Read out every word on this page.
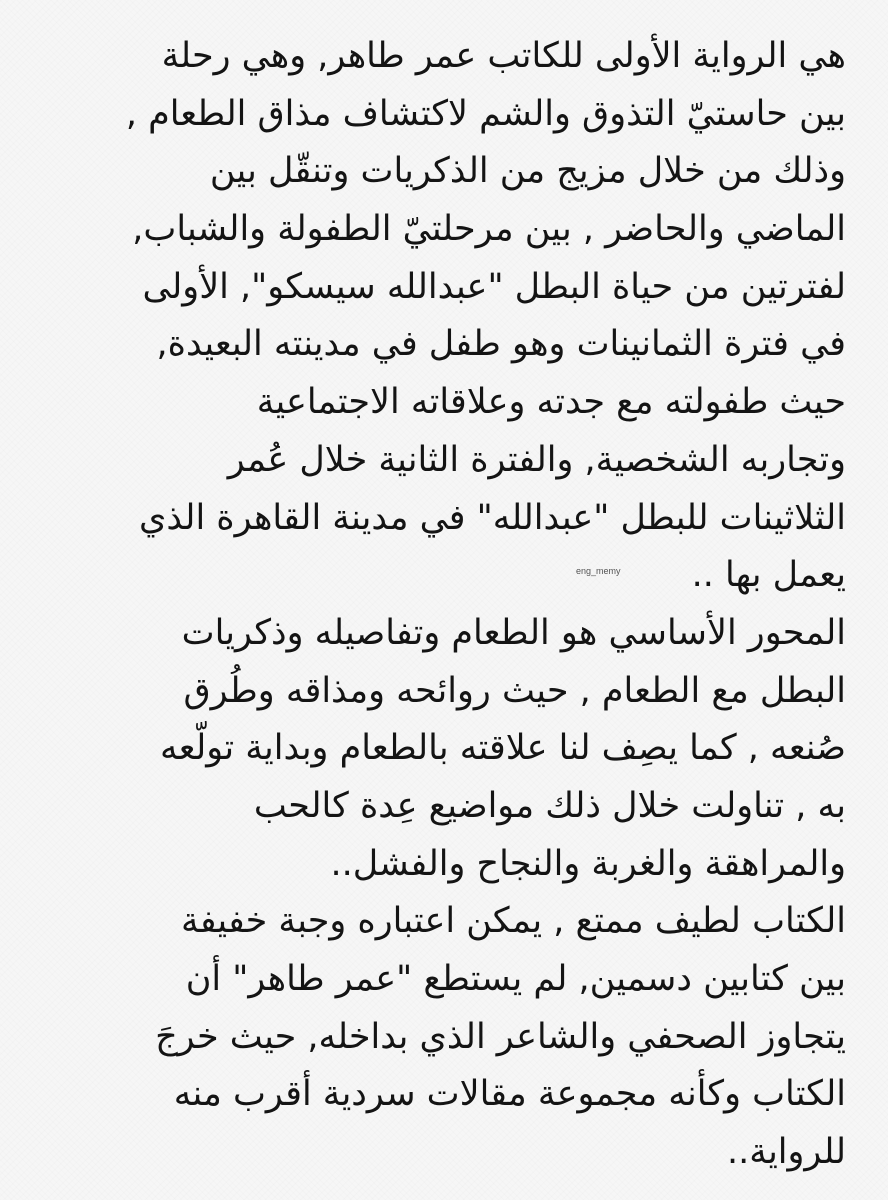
هي الرواية الأولى للكاتب عمر طاهر, وهي رحلة
بين حاستيّ التذوق والشم لاكتشاف مذاق الطعام ,
وذلك من خلال مزيج من الذكريات وتنقّل بين
الماضي والحاضر , بين مرحلتيّ الطفولة والشباب,
لفترتين من حياة البطل "عبدالله سيسكو", الأولى
في فترة الثمانينات وهو طفل في مدينته البعيدة,
حيث طفولته مع جدته وعلاقاته الاجتماعية
وتجاربه الشخصية, والفترة الثانية خلال عُمر
الثلاثينات للبطل "عبدالله" في مدينة القاهرة الذي
يعمل بها ..
المحور الأساسي هو الطعام وتفاصيله وذكريات
البطل مع الطعام , حيث روائحه ومذاقه وطُرق
صُنعه , كما يصِف لنا علاقته بالطعام وبداية تولّعه
به , تناولت خلال ذلك مواضيع عِدة كالحب
والمراهقة والغربة والنجاح والفشل..
الكتاب لطيف ممتع , يمكن اعتباره وجبة خفيفة
بين كتابين دسمين, لم يستطع "عمر طاهر" أن
يتجاوز الصحفي والشاعر الذي بداخله, حيث خرجَ
الكتاب وكأنه مجموعة مقالات سردية أقرب منه
للرواية..
eng_memy
